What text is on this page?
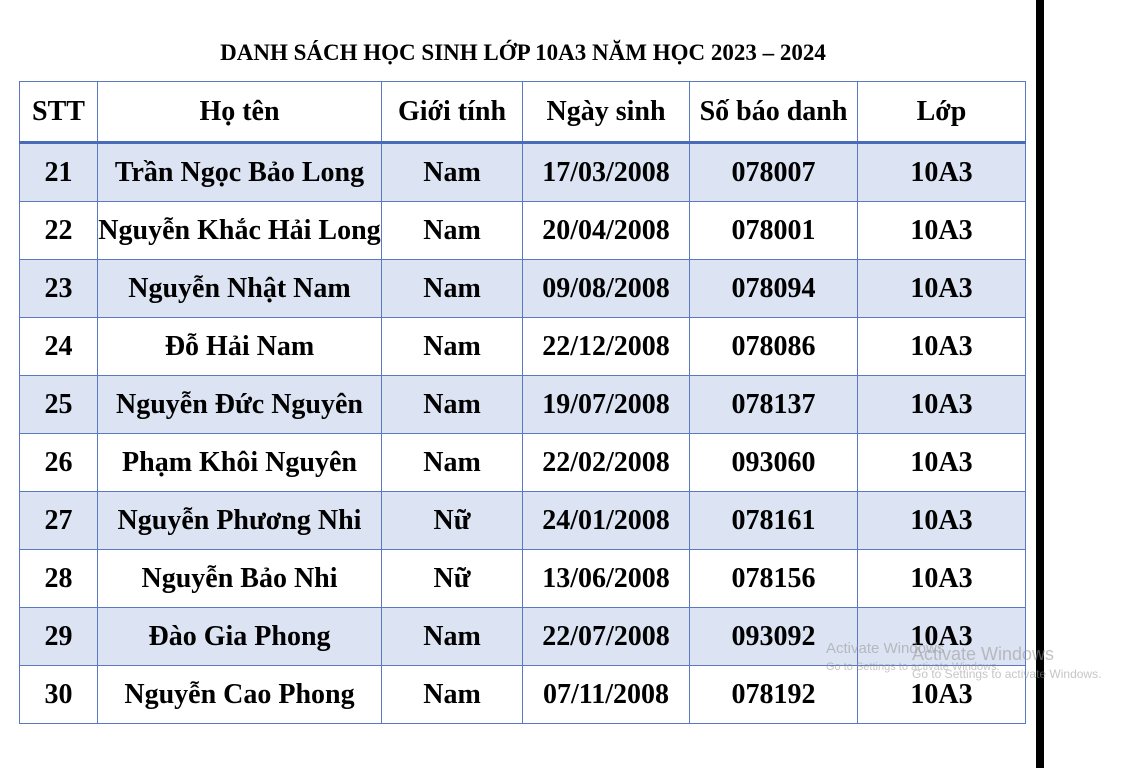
DANH SÁCH HỌC SINH LỚP 10A3 NĂM HỌC 2023 – 2024
STT	Họ tên	Giới tính	Ngày sinh	Số báo danh	Lớp
21	Trần Ngọc Bảo Long	Nam	17/03/2008	078007	10A3
22	Nguyễn Khắc Hải Long	Nam	20/04/2008	078001	10A3
23	Nguyễn Nhật Nam	Nam	09/08/2008	078094	10A3
24	Đỗ Hải Nam	Nam	22/12/2008	078086	10A3
25	Nguyễn Đức Nguyên	Nam	19/07/2008	078137	10A3
26	Phạm Khôi Nguyên	Nam	22/02/2008	093060	10A3
27	Nguyễn Phương Nhi	Nữ	24/01/2008	078161	10A3
28	Nguyễn Bảo Nhi	Nữ	13/06/2008	078156	10A3
29	Đào Gia Phong	Nam	22/07/2008	093092	10A3
30	Nguyễn Cao Phong	Nam	07/11/2008	078192	10A3
Activate Windows
Go to Settings to activate Windows.
Activate Windows
Go to Settings to activate Windows.
